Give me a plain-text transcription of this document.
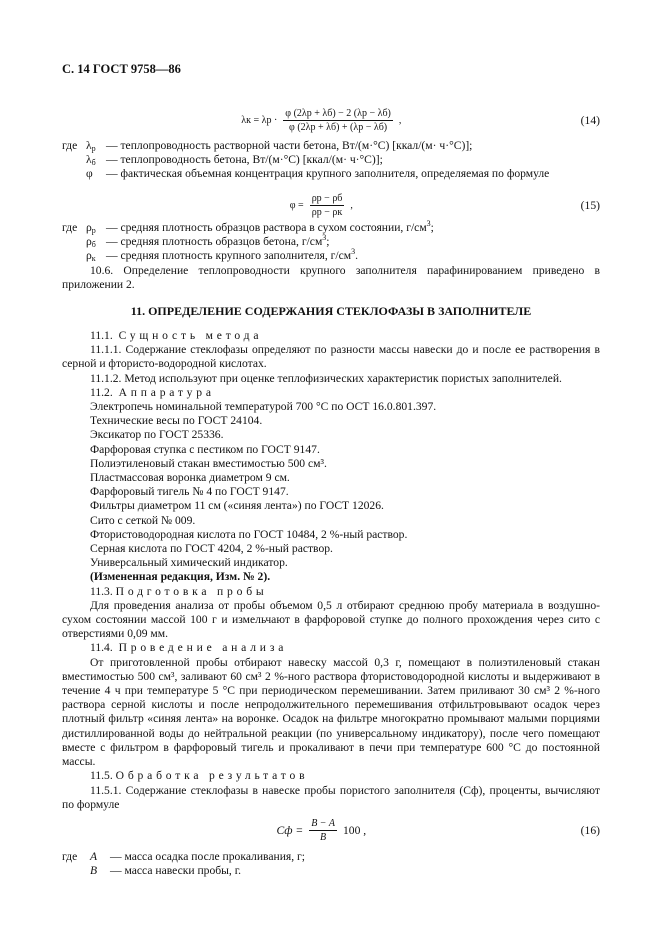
С. 14 ГОСТ 9758—86
$\lambda к = \lambda р \cdot \frac{\varphi (2\lambda р + \lambda б) - 2 (\lambda р - \lambda б)}{\varphi (2\lambda р + \lambda б) + (\lambda р - \lambda б)}$ ,	(14)
где $\lambda_р$ — теплопроводность растворной части бетона, Вт/(м·°С) [ккал/(м· ч·°С)];
$\lambda_б$ — теплопроводность бетона, Вт/(м·°С) [ккал/(м· ч·°С)];
φ	— фактическая объемная концентрация крупного заполнителя, определяемая по формуле
$\varphi = \frac{\rho р - \rho б}{\rho р - \rho к}$ ,	(15)
где $\rho_р$ — средняя плотность образцов раствора в сухом состоянии, $г/см^3$;
$\rho_б$ — средняя плотность образцов бетона, $г/см^3$;
$\rho_к$ — средняя плотность крупного заполнителя, $г/см^3$.

10.6. Определение теплопроводности крупного заполнителя парафинированием приведено в приложении 2.

11. ОПРЕДЕЛЕНИЕ СОДЕРЖАНИЯ СТЕКЛОФАЗЫ В ЗАПОЛНИТЕЛЕ

11.1. Сущность метода

11.1.1. Содержание стеклофазы определяют по разности массы навески до и после ее растворения в серной и фтористо-водородной кислотах.

11.1.2. Метод используют при оценке теплофизических характеристик пористых заполнителей.

11.2. Аппаратура

Электропечь номинальной температурой 700 °С по ОСТ 16.0.801.397.

Технические весы по ГОСТ 24104.

Эксикатор по ГОСТ 25336.

Фарфоровая ступка с пестиком по ГОСТ 9147.

Полиэтиленовый стакан вместимостью 500 см³.

Пластмассовая воронка диаметром 9 см.

Фарфоровый тигель № 4 по ГОСТ 9147.

Фильтры диаметром 11 см («синяя лента») по ГОСТ 12026.

Сито с сеткой № 009.

Фтористоводородная кислота по ГОСТ 10484, 2 %-ный раствор.

Серная кислота по ГОСТ 4204, 2 %-ный раствор.

Универсальный химический индикатор.

(Измененная редакция, Изм. № 2).

11.3. Подготовка пробы

Для проведения анализа от пробы объемом 0,5 л отбирают среднюю пробу материала в воздушно-сухом состоянии массой 100 г и измельчают в фарфоровой ступке до полного прохождения через сито с отверстиями 0,09 мм.

11.4. Проведение анализа

От приготовленной пробы отбирают навеску массой 0,3 г, помещают в полиэтиленовый стакан вместимостью 500 см³, заливают 60 см³ 2 %-ного раствора фтористоводородной кислоты и выдерживают в течение 4 ч при температуре 5 °С при периодическом перемешивании. Затем приливают 30 см³ 2 %-ного раствора серной кислоты и после непродолжительного перемешивания отфильтровывают осадок через плотный фильтр «синяя лента» на воронке. Осадок на фильтре многократно промывают малыми порциями дистиллированной воды до нейтральной реакции (по универсальному индикатору), после чего помещают вместе с фильтром в фарфоровый тигель и прокаливают в печи при температуре 600 °С до постоянной массы.

11.5. Обработка результатов

11.5.1. Содержание стеклофазы в навеске пробы пористого заполнителя (Cф), проценты, вычисляют по формуле

Cф = $\frac{B - A}{B} 100$ ,	(16)
где	A	— масса осадка после прокаливания, г;
B	— масса навески пробы, г.
